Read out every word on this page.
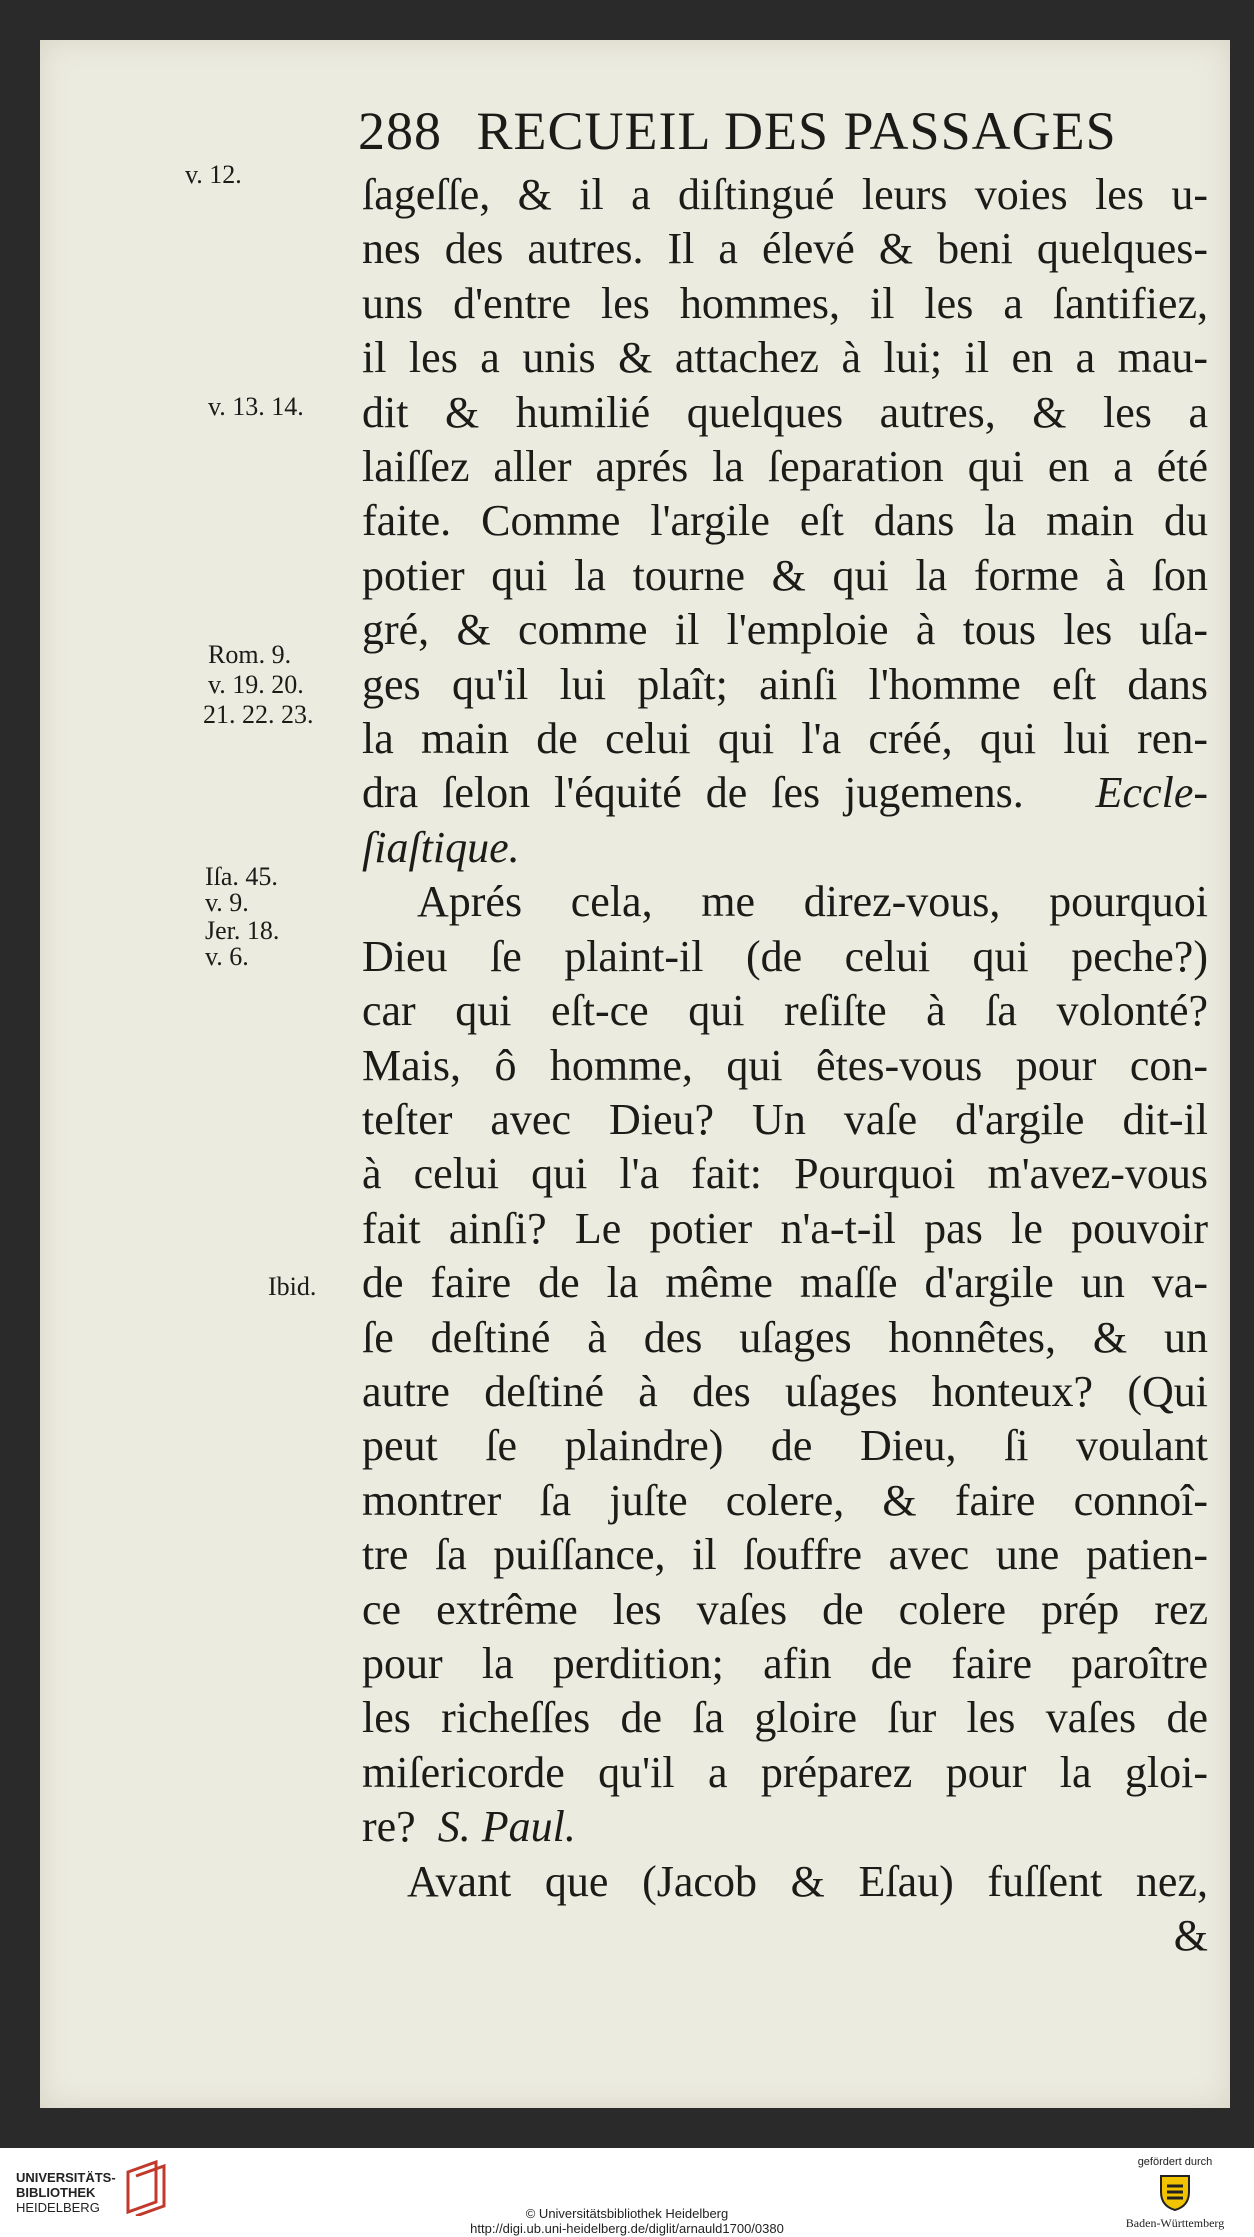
288 RECUEIL DES PASSAGES
ſageſſe, & il a diſtingué leurs voies les u-
nes des autres. Il a élevé & beni quelques-
uns d'entre les hommes, il les a ſantifiez,
il les a unis & attachez à lui; il en a mau-
dit & humilié quelques autres, & les a
laiſſez aller aprés la ſeparation qui en a été
faite. Comme l'argile eſt dans la main du
potier qui la tourne & qui la forme à ſon
gré, & comme il l'emploie à tous les uſa-
ges qu'il lui plaît; ainſi l'homme eſt dans
la main de celui qui l'a créé, qui lui ren-
dra ſelon l'équité de ſes jugemens. Eccle-
ſiaſtique.
Aprés cela, me direz-vous, pourquoi
Dieu ſe plaint-il (de celui qui peche?)
car qui eſt-ce qui reſiſte à ſa volonté?
Mais, ô homme, qui êtes-vous pour con-
teſter avec Dieu? Un vaſe d'argile dit-il
à celui qui l'a fait: Pourquoi m'avez-vous
fait ainſi? Le potier n'a-t-il pas le pouvoir
de faire de la même maſſe d'argile un va-
ſe deſtiné à des uſages honnêtes, & un
autre deſtiné à des uſages honteux? (Qui
peut ſe plaindre) de Dieu, ſi voulant
montrer ſa juſte colere, & faire connoî-
tre ſa puiſſance, il ſouffre avec une patien-
ce extrême les vaſes de colere prép rez
pour la perdition; afin de faire paroître
les richeſſes de ſa gloire ſur les vaſes de
miſericorde qu'il a préparez pour la gloi-
re? S. Paul.
Avant que (Jacob & Eſau) fuſſent nez,
&
v. 12.
v. 13. 14.
Rom. 9.
v. 19. 20.
21. 22. 23.
Iſa. 45.
v. 9.
Jer. 18.
v. 6.
Ibid.
UNIVERSITÄTS-
BIBLIOTHEK
HEIDELBERG	© Universitätsbibliothek Heidelberg
http://digi.ub.uni-heidelberg.de/diglit/arnauld1700/0380
gefördert durch
Baden-Württemberg
